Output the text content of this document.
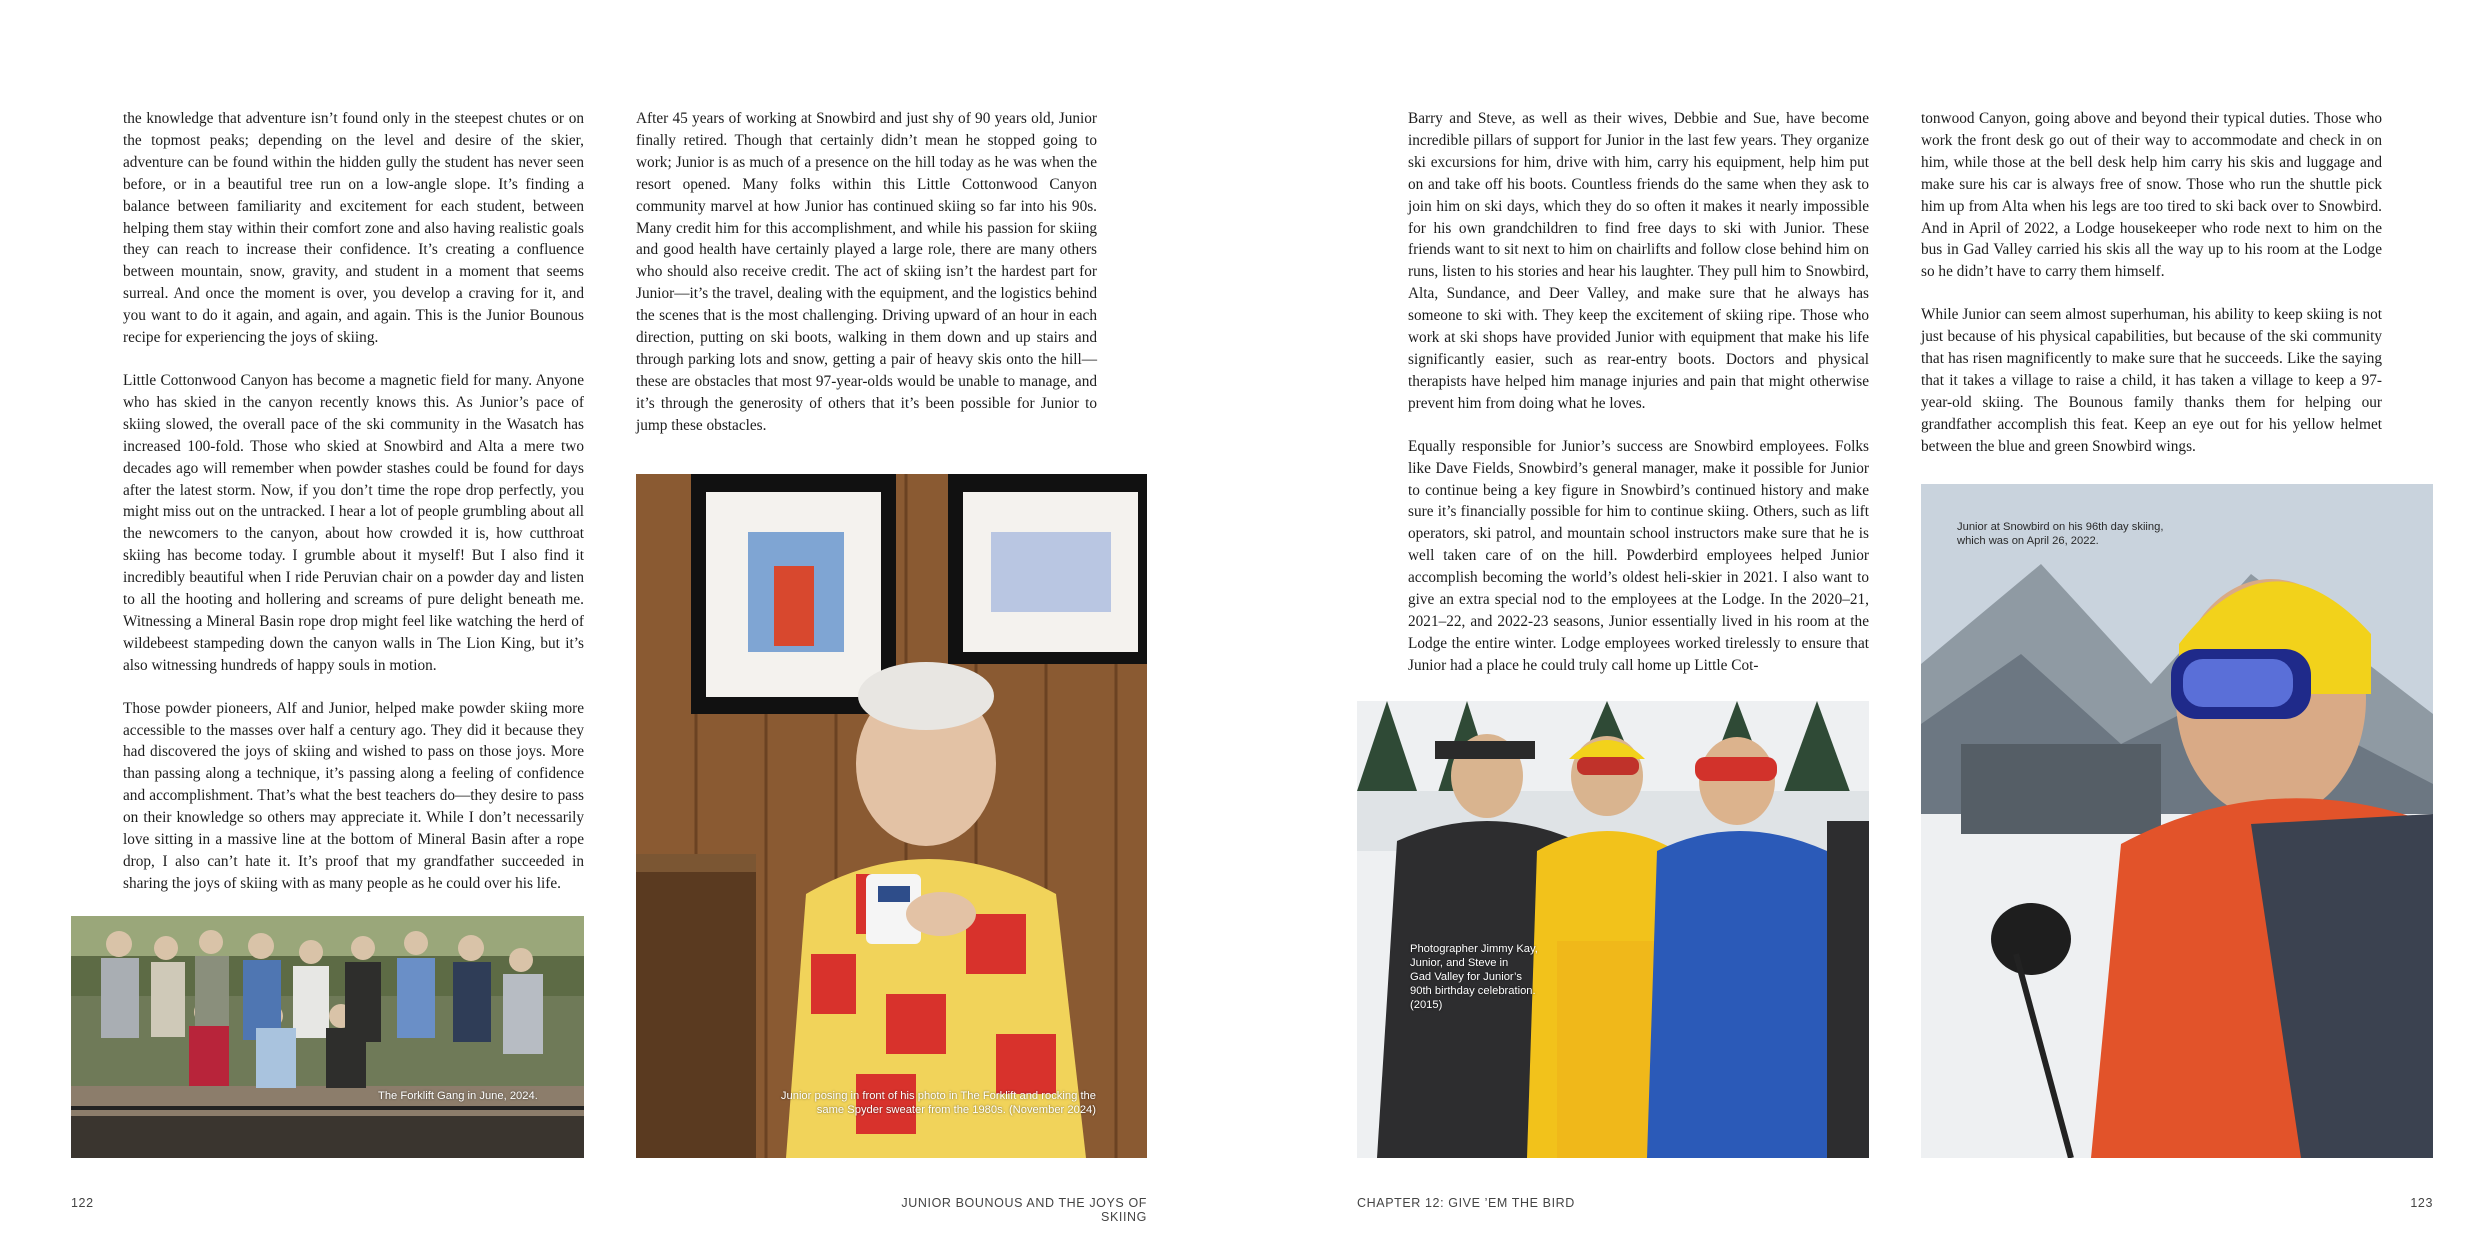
the knowledge that adventure isn’t found only in the steepest chutes or on the topmost peaks; depending on the level and desire of the skier, adventure can be found within the hidden gully the student has never seen before, or in a beautiful tree run on a low-angle slope. It’s finding a balance between familiarity and excitement for each student, between helping them stay within their comfort zone and also having realistic goals they can reach to increase their confidence. It’s creating a confluence between mountain, snow, gravity, and student in a moment that seems surreal. And once the moment is over, you develop a craving for it, and you want to do it again, and again, and again. This is the Junior Bounous recipe for experiencing the joys of skiing.

Little Cottonwood Canyon has become a magnetic field for many. Anyone who has skied in the canyon recently knows this. As Junior’s pace of skiing slowed, the overall pace of the ski community in the Wasatch has increased 100-fold. Those who skied at Snowbird and Alta a mere two decades ago will remember when powder stashes could be found for days after the latest storm. Now, if you don’t time the rope drop perfectly, you might miss out on the untracked. I hear a lot of people grumbling about all the newcomers to the canyon, about how crowded it is, how cutthroat skiing has become today. I grumble about it myself! But I also find it incredibly beautiful when I ride Peruvian chair on a powder day and listen to all the hooting and hollering and screams of pure delight beneath me. Witnessing a Mineral Basin rope drop might feel like watching the herd of wildebeest stampeding down the canyon walls in The Lion King, but it’s also witnessing hundreds of happy souls in motion.

Those powder pioneers, Alf and Junior, helped make powder skiing more accessible to the masses over half a century ago. They did it because they had discovered the joys of skiing and wished to pass on those joys. More than passing along a technique, it’s passing along a feeling of confidence and accomplishment. That’s what the best teachers do—they desire to pass on their knowledge so others may appreciate it. While I don’t necessarily love sitting in a massive line at the bottom of Mineral Basin after a rope drop, I also can’t hate it. It’s proof that my grandfather succeeded in sharing the joys of skiing with as many people as he could over his life.

After 45 years of working at Snowbird and just shy of 90 years old, Junior finally retired. Though that certainly didn’t mean he stopped going to work; Junior is as much of a presence on the hill today as he was when the resort opened. Many folks within this Little Cottonwood Canyon community marvel at how Junior has continued skiing so far into his 90s. Many credit him for this accomplishment, and while his passion for skiing and good health have certainly played a large role, there are many others who should also receive credit. The act of skiing isn’t the hardest part for Junior—it’s the travel, dealing with the equipment, and the logistics behind the scenes that is the most challenging. Driving upward of an hour in each direction, putting on ski boots, walking in them down and up stairs and through parking lots and snow, getting a pair of heavy skis onto the hill—these are obstacles that most 97-year-olds would be unable to manage, and it’s through the generosity of others that it’s been possible for Junior to jump these obstacles.

The Forklift Gang in June, 2024.	Junior posing in front of his photo in The Forklift and rocking the same Spyder sweater from the 1980s. (November 2024)
122	JUNIOR BOUNOUS AND THE JOYS OF SKIING

Barry and Steve, as well as their wives, Debbie and Sue, have become incredible pillars of support for Junior in the last few years. They organize ski excursions for him, drive with him, carry his equipment, help him put on and take off his boots. Countless friends do the same when they ask to join him on ski days, which they do so often it makes it nearly impossible for his own grandchildren to find free days to ski with Junior. These friends want to sit next to him on chairlifts and follow close behind him on runs, listen to his stories and hear his laughter. They pull him to Snowbird, Alta, Sundance, and Deer Valley, and make sure that he always has someone to ski with. They keep the excitement of skiing ripe. Those who work at ski shops have provided Junior with equipment that make his life significantly easier, such as rear-entry boots. Doctors and physical therapists have helped him manage injuries and pain that might otherwise prevent him from doing what he loves.

Equally responsible for Junior’s success are Snowbird employees. Folks like Dave Fields, Snowbird’s general manager, make it possible for Junior to continue being a key figure in Snowbird’s continued history and make sure it’s financially possible for him to continue skiing. Others, such as lift operators, ski patrol, and mountain school instructors make sure that he is well taken care of on the hill. Powderbird employees helped Junior accomplish becoming the world’s oldest heli-skier in 2021. I also want to give an extra special nod to the employees at the Lodge. In the 2020–21, 2021–22, and 2022-23 seasons, Junior essentially lived in his room at the Lodge the entire winter. Lodge employees worked tirelessly to ensure that Junior had a place he could truly call home up Little Cot-

tonwood Canyon, going above and beyond their typical duties. Those who work the front desk go out of their way to accommodate and check in on him, while those at the bell desk help him carry his skis and luggage and make sure his car is always free of snow. Those who run the shuttle pick him up from Alta when his legs are too tired to ski back over to Snowbird. And in April of 2022, a Lodge housekeeper who rode next to him on the bus in Gad Valley carried his skis all the way up to his room at the Lodge so he didn’t have to carry them himself.

While Junior can seem almost superhuman, his ability to keep skiing is not just because of his physical capabilities, but because of the ski community that has risen magnificently to make sure that he succeeds. Like the saying that it takes a village to raise a child, it has taken a village to keep a 97-year-old skiing. The Bounous family thanks them for helping our grandfather accomplish this feat. Keep an eye out for his yellow helmet between the blue and green Snowbird wings.

Photographer Jimmy Kay,
Junior, and Steve in
Gad Valley for Junior’s
90th birthday celebration.
(2015)
Junior at Snowbird on his 96th day skiing,
which was on April 26, 2022.
CHAPTER 12: GIVE ’EM THE BIRD	123
